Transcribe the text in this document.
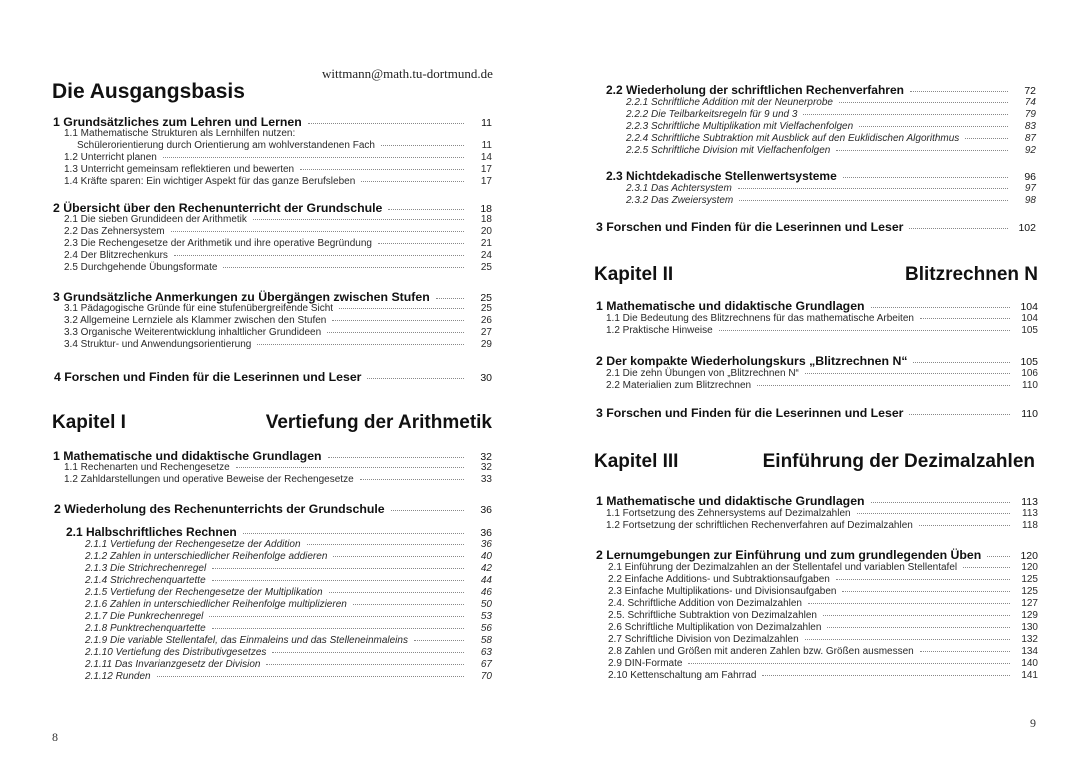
wittmann@math.tu-dortmund.de
Die Ausgangsbasis
1 Grundsätzliches zum Lehren und Lernen	11
1.1 Mathematische Strukturen als Lernhilfen nutzen:
Schülerorientierung durch Orientierung am wohlverstandenen Fach	11
1.2 Unterricht planen	14
1.3 Unterricht gemeinsam reflektieren und bewerten	17
1.4 Kräfte sparen: Ein wichtiger Aspekt für das ganze Berufsleben	17
2 Übersicht über den Rechenunterricht der Grundschule	18
2.1 Die sieben Grundideen der Arithmetik	18
2.2 Das Zehnersystem	20
2.3 Die Rechengesetze der Arithmetik und ihre operative Begründung	21
2.4 Der Blitzrechenkurs	24
2.5 Durchgehende Übungsformate	25
3 Grundsätzliche Anmerkungen zu Übergängen zwischen Stufen	25
3.1 Pädagogische Gründe für eine stufenübergreifende Sicht	25
3.2 Allgemeine Lernziele als Klammer zwischen den Stufen	26
3.3 Organische Weiterentwicklung inhaltlicher Grundideen	27
3.4 Struktur- und Anwendungsorientierung	29
4 Forschen und Finden für die Leserinnen und Leser	30
Kapitel I	Vertiefung der Arithmetik
1 Mathematische und didaktische Grundlagen	32
1.1 Rechenarten und Rechengesetze	32
1.2 Zahldarstellungen und operative Beweise der Rechengesetze	33
2 Wiederholung des Rechenunterrichts der Grundschule	36
2.1 Halbschriftliches Rechnen	36
2.1.1 Vertiefung der Rechengesetze der Addition	36
2.1.2 Zahlen in unterschiedlicher Reihenfolge addieren	40
2.1.3 Die Strichrechenregel	42
2.1.4 Strichrechenquartette	44
2.1.5 Vertiefung der Rechengesetze der Multiplikation	46
2.1.6 Zahlen in unterschiedlicher Reihenfolge multiplizieren	50
2.1.7 Die Punkrechenregel	53
2.1.8 Punktrechenquartette	56
2.1.9 Die variable Stellentafel, das Einmaleins und das Stelleneinmaleins	58
2.1.10 Vertiefung des Distributivgesetzes	63
2.1.11 Das Invarianzgesetz der Division	67
2.1.12 Runden	70
8
2.2 Wiederholung der schriftlichen Rechenverfahren	72
2.2.1 Schriftliche Addition mit der Neunerprobe	74
2.2.2 Die Teilbarkeitsregeln für 9 und 3	79
2.2.3 Schriftliche Multiplikation mit Vielfachenfolgen	83
2.2.4 Schriftliche Subtraktion mit Ausblick auf den Euklidischen Algorithmus	87
2.2.5 Schriftliche Division mit Vielfachenfolgen	92
2.3 Nichtdekadische Stellenwertsysteme	96
2.3.1 Das Achtersystem	97
2.3.2 Das Zweiersystem	98
3 Forschen und Finden für die Leserinnen und Leser	102
Kapitel II	Blitzrechnen N
1 Mathematische und didaktische Grundlagen	104
1.1 Die Bedeutung des Blitzrechnens für das mathematische Arbeiten	104
1.2 Praktische Hinweise	105
2 Der kompakte Wiederholungskurs „Blitzrechnen N“	105
2.1 Die zehn Übungen von „Blitzrechnen N“	106
2.2 Materialien zum Blitzrechnen	110
3 Forschen und Finden für die Leserinnen und Leser	110
Kapitel III	Einführung der Dezimalzahlen
1 Mathematische und didaktische Grundlagen	113
1.1 Fortsetzung des Zehnersystems auf Dezimalzahlen	113
1.2 Fortsetzung der schriftlichen Rechenverfahren auf Dezimalzahlen	118
2 Lernumgebungen zur Einführung und zum grundlegenden Üben	120
2.1 Einführung der Dezimalzahlen an der Stellentafel und variablen Stellentafel	120
2.2 Einfache Additions- und Subtraktionsaufgaben	125
2.3 Einfache Multiplikations- und Divisionsaufgaben	125
2.4. Schriftliche Addition von Dezimalzahlen	127
2.5. Schriftliche Subtraktion von Dezimalzahlen	129
2.6 Schriftliche Multiplikation von Dezimalzahlen	130
2.7 Schriftliche Division von Dezimalzahlen	132
2.8 Zahlen und Größen mit anderen Zahlen bzw. Größen ausmessen	134
2.9 DIN-Formate	140
2.10 Kettenschaltung am Fahrrad	141
9
